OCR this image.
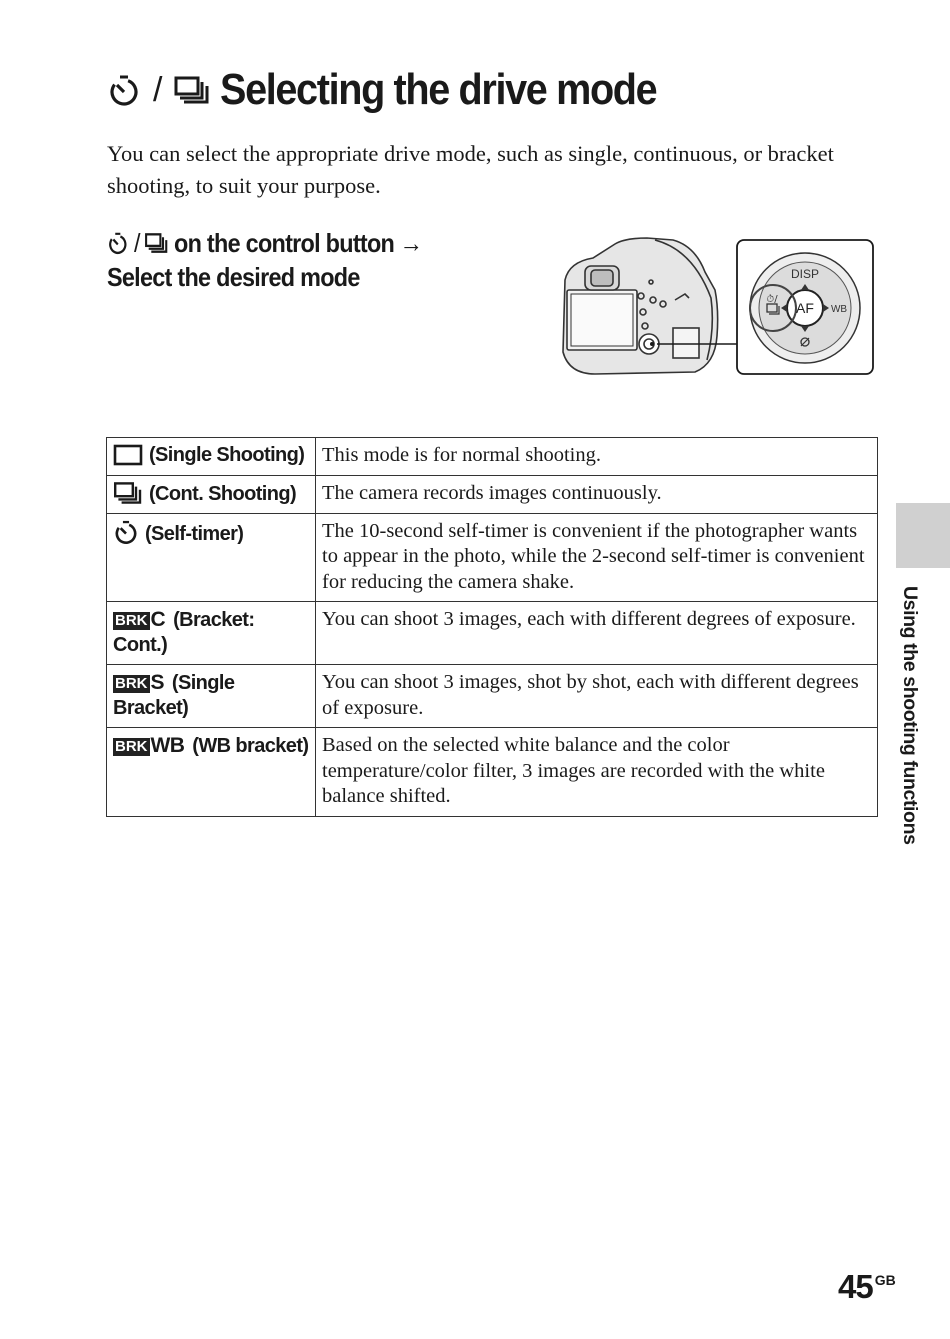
/ Selecting the drive mode
You can select the appropriate drive mode, such as single, continuous, or bracket shooting, to suit your purpose.
/ on the control button →
Select the desired mode	DISP
AF WB
⏱/
(Single Shooting)	This mode is for normal shooting.
(Cont. Shooting)	The camera records images continuously.
(Self-timer)	The 10-second self-timer is convenient if the photographer wants to appear in the photo, while the 2-second self-timer is convenient for reducing the camera shake.
BRK C (Bracket: Cont.)	You can shoot 3 images, each with different degrees of exposure.
BRK S (Single Bracket)	You can shoot 3 images, shot by shot, each with different degrees of exposure.
BRK WB (WB bracket)	Based on the selected white balance and the color temperature/color filter, 3 images are recorded with the white balance shifted.	Using the shooting functions
$45^{GB}$
